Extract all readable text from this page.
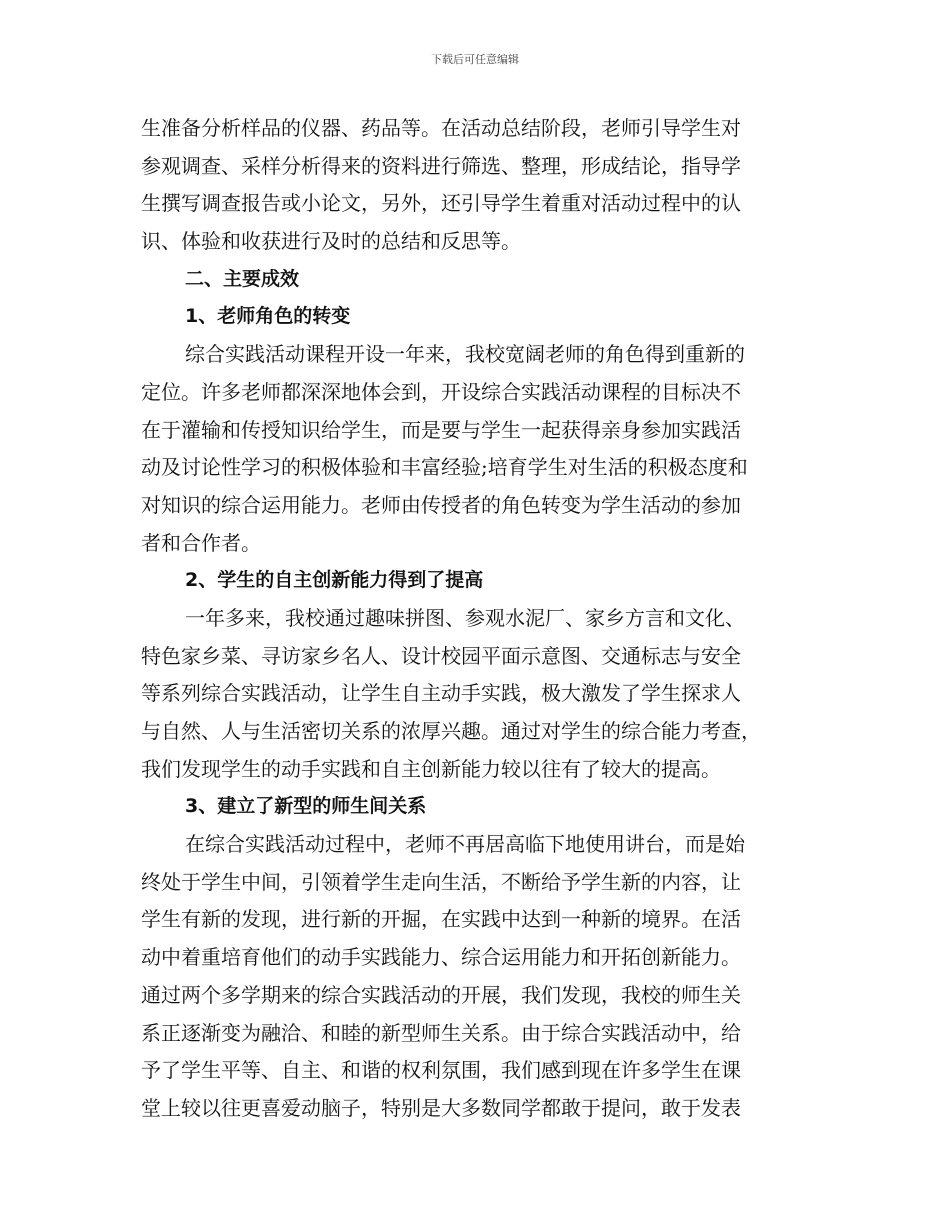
下载后可任意编辑
生准备分析样品的仪器、药品等。在活动总结阶段，老师引导学生对
参观调查、采样分析得来的资料进行筛选、整理，形成结论，指导学
生撰写调查报告或小论文，另外，还引导学生着重对活动过程中的认
识、体验和收获进行及时的总结和反思等。
二、主要成效
1、老师角色的转变
综合实践活动课程开设一年来，我校宽阔老师的角色得到重新的
定位。许多老师都深深地体会到，开设综合实践活动课程的目标决不
在于灌输和传授知识给学生，而是要与学生一起获得亲身参加实践活
动及讨论性学习的积极体验和丰富经验;培育学生对生活的积极态度和
对知识的综合运用能力。老师由传授者的角色转变为学生活动的参加
者和合作者。
2、学生的自主创新能力得到了提高
一年多来，我校通过趣味拼图、参观水泥厂、家乡方言和文化、
特色家乡菜、寻访家乡名人、设计校园平面示意图、交通标志与安全
等系列综合实践活动，让学生自主动手实践，极大激发了学生探求人
与自然、人与生活密切关系的浓厚兴趣。通过对学生的综合能力考查，
我们发现学生的动手实践和自主创新能力较以往有了较大的提高。
3、建立了新型的师生间关系
在综合实践活动过程中，老师不再居高临下地使用讲台，而是始
终处于学生中间，引领着学生走向生活，不断给予学生新的内容，让
学生有新的发现，进行新的开掘，在实践中达到一种新的境界。在活
动中着重培育他们的动手实践能力、综合运用能力和开拓创新能力。
通过两个多学期来的综合实践活动的开展，我们发现，我校的师生关
系正逐渐变为融洽、和睦的新型师生关系。由于综合实践活动中，给
予了学生平等、自主、和谐的权利氛围，我们感到现在许多学生在课
堂上较以往更喜爱动脑子，特别是大多数同学都敢于提问，敢于发表
